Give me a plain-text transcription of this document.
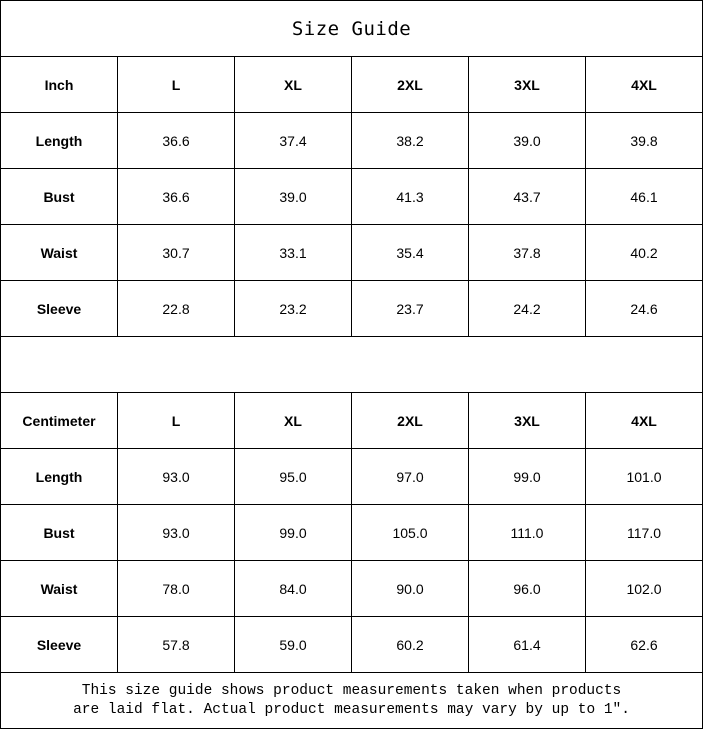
Size Guide					
Inch	L	XL	2XL	3XL	4XL
Length	36.6	37.4	38.2	39.0	39.8
Bust	36.6	39.0	41.3	43.7	46.1
Waist	30.7	33.1	35.4	37.8	40.2
Sleeve	22.8	23.2	23.7	24.2	24.6

Centimeter	L	XL	2XL	3XL	4XL
Length	93.0	95.0	97.0	99.0	101.0
Bust	93.0	99.0	105.0	111.0	117.0
Waist	78.0	84.0	90.0	96.0	102.0
Sleeve	57.8	59.0	60.2	61.4	62.6

This size guide shows product measurements taken when products
are laid flat. Actual product measurements may vary by up to 1″.					
